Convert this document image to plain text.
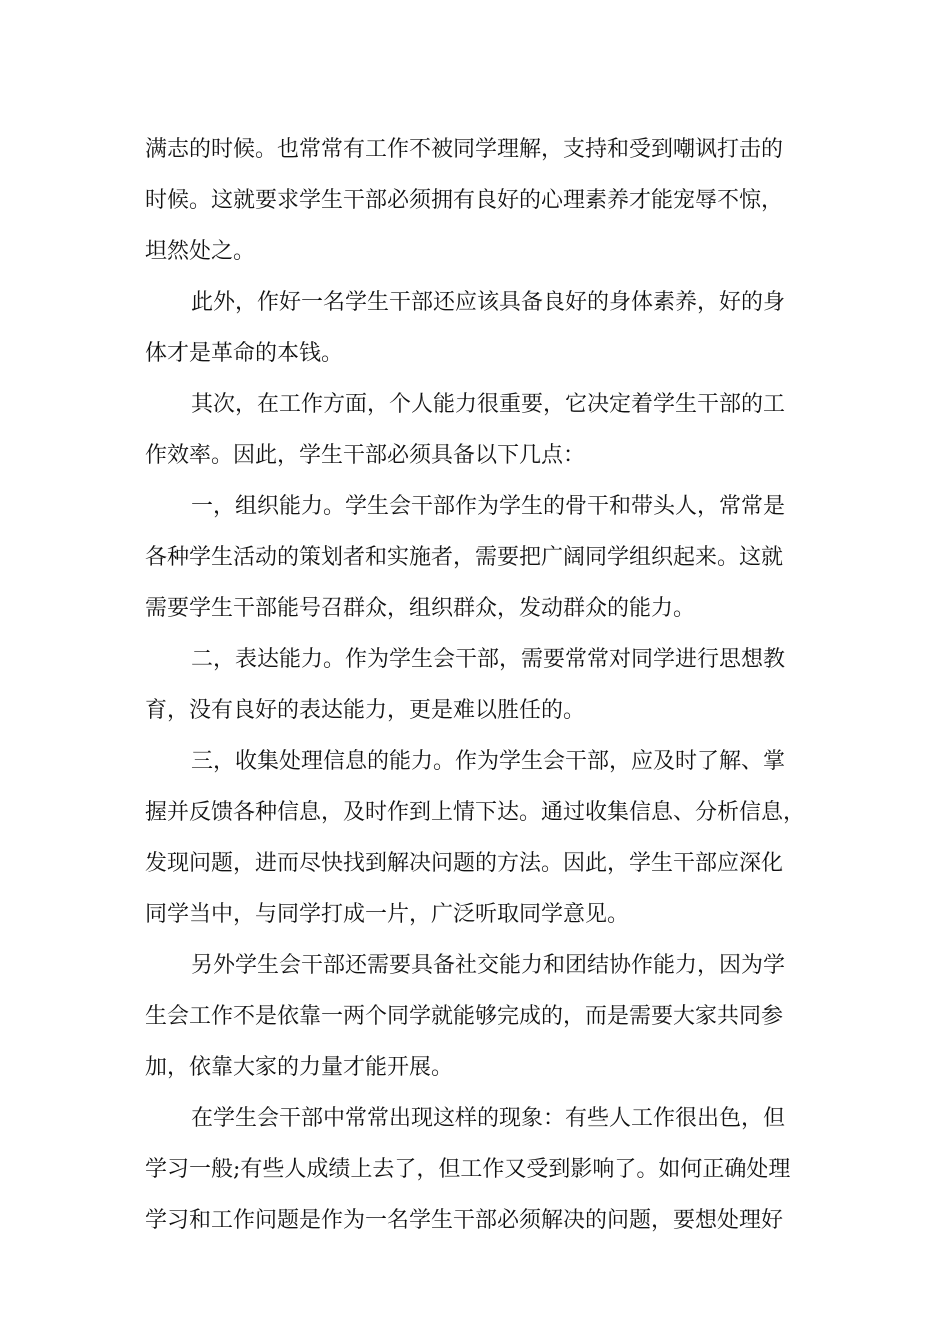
满志的时候。也常常有工作不被同学理解，支持和受到嘲讽打击的
时候。这就要求学生干部必须拥有良好的心理素养才能宠辱不惊，
坦然处之。
此外，作好一名学生干部还应该具备良好的身体素养，好的身
体才是革命的本钱。
其次，在工作方面，个人能力很重要，它决定着学生干部的工
作效率。因此，学生干部必须具备以下几点：
一，组织能力。学生会干部作为学生的骨干和带头人，常常是
各种学生活动的策划者和实施者，需要把广阔同学组织起来。这就
需要学生干部能号召群众，组织群众，发动群众的能力。
二，表达能力。作为学生会干部，需要常常对同学进行思想教
育，没有良好的表达能力，更是难以胜任的。
三，收集处理信息的能力。作为学生会干部，应及时了解、掌
握并反馈各种信息，及时作到上情下达。通过收集信息、分析信息，
发现问题，进而尽快找到解决问题的方法。因此，学生干部应深化
同学当中，与同学打成一片，广泛听取同学意见。
另外学生会干部还需要具备社交能力和团结协作能力，因为学
生会工作不是依靠一两个同学就能够完成的，而是需要大家共同参
加，依靠大家的力量才能开展。
在学生会干部中常常出现这样的现象：有些人工作很出色，但
学习一般;有些人成绩上去了，但工作又受到影响了。如何正确处理
学习和工作问题是作为一名学生干部必须解决的问题，要想处理好
